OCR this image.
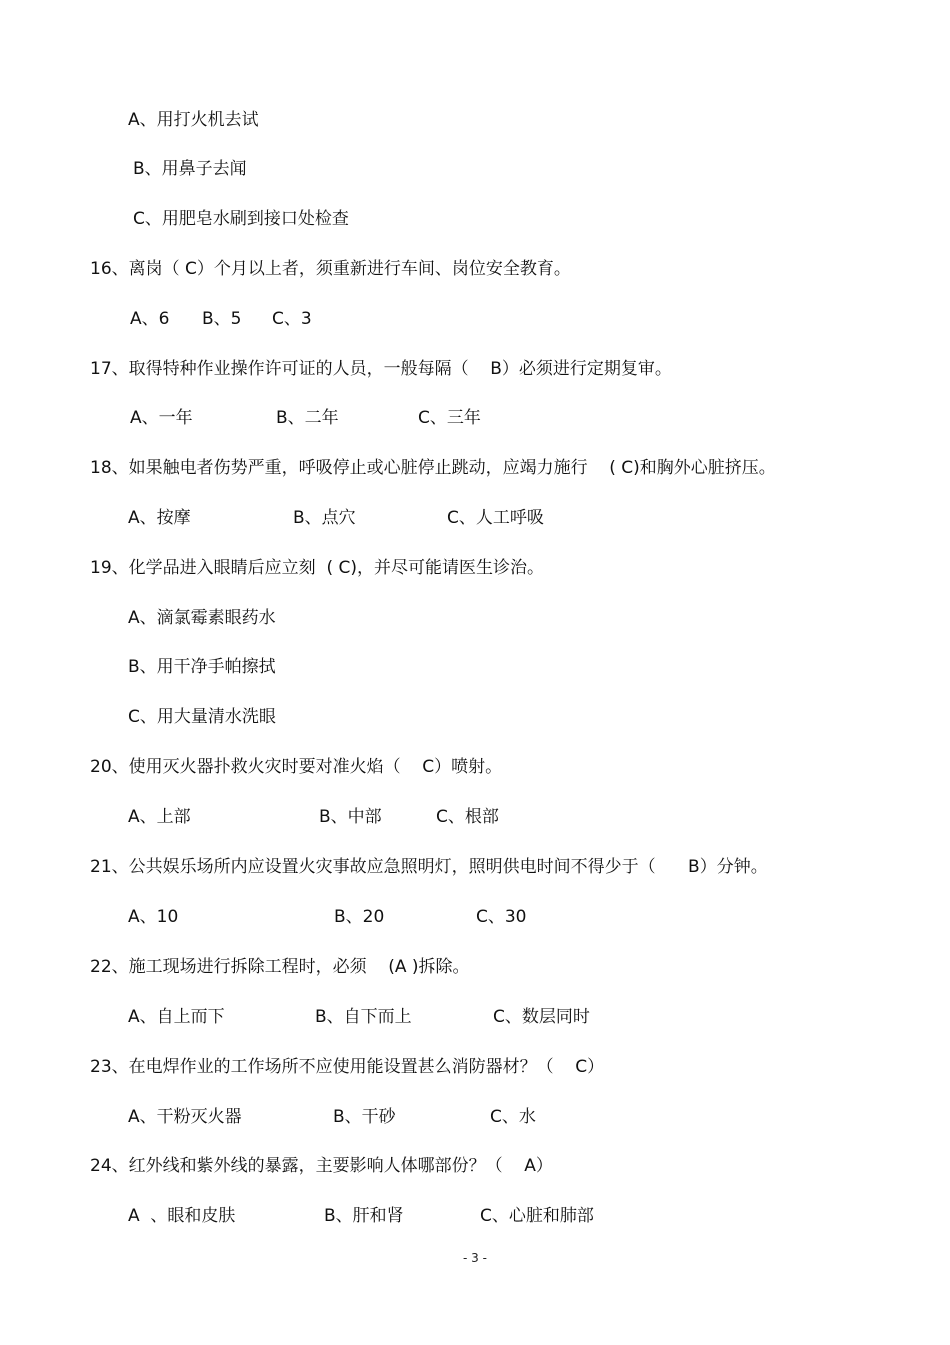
A、用打火机去试
B、用鼻子去闻
C、用肥皂水刷到接口处检查
16、离岗（ C）个月以上者，须重新进行车间、岗位安全教育。

A、6

B、5

C、3

17、取得特种作业操作许可证的人员，一般每隔（    B）必须进行定期复审。

A、一年

	B、二年

	C、三年

18、如果触电者伤势严重，呼吸停止或心脏停止跳动，应竭力施行    ( C)和胸外心脏挤压。

A、按摩

	B、点穴

	C、人工呼吸

19、化学品进入眼睛后应立刻  ( C)，并尽可能请医生诊治。
A、滴氯霉素眼药水
B、用干净手帕擦拭
C、用大量清水洗眼
20、使用灭火器扑救火灾时要对准火焰（    C）喷射。

A、上部

	B、中部

	C、根部

21、公共娱乐场所内应设置火灾事故应急照明灯，照明供电时间不得少于（      B）分钟。

A、10

	B、20

	C、30

22、施工现场进行拆除工程时，必须    (A )拆除。

A、自上而下

	B、自下而上

	C、数层同时

23、在电焊作业的工作场所不应使用能设置甚么消防器材？（    C）

A、干粉灭火器

	B、干砂

	C、水

24、红外线和紫外线的暴露，主要影响人体哪部份？（    A）

A  、眼和皮肤

	B、肝和肾

	C、心脏和肺部

- 3 -
